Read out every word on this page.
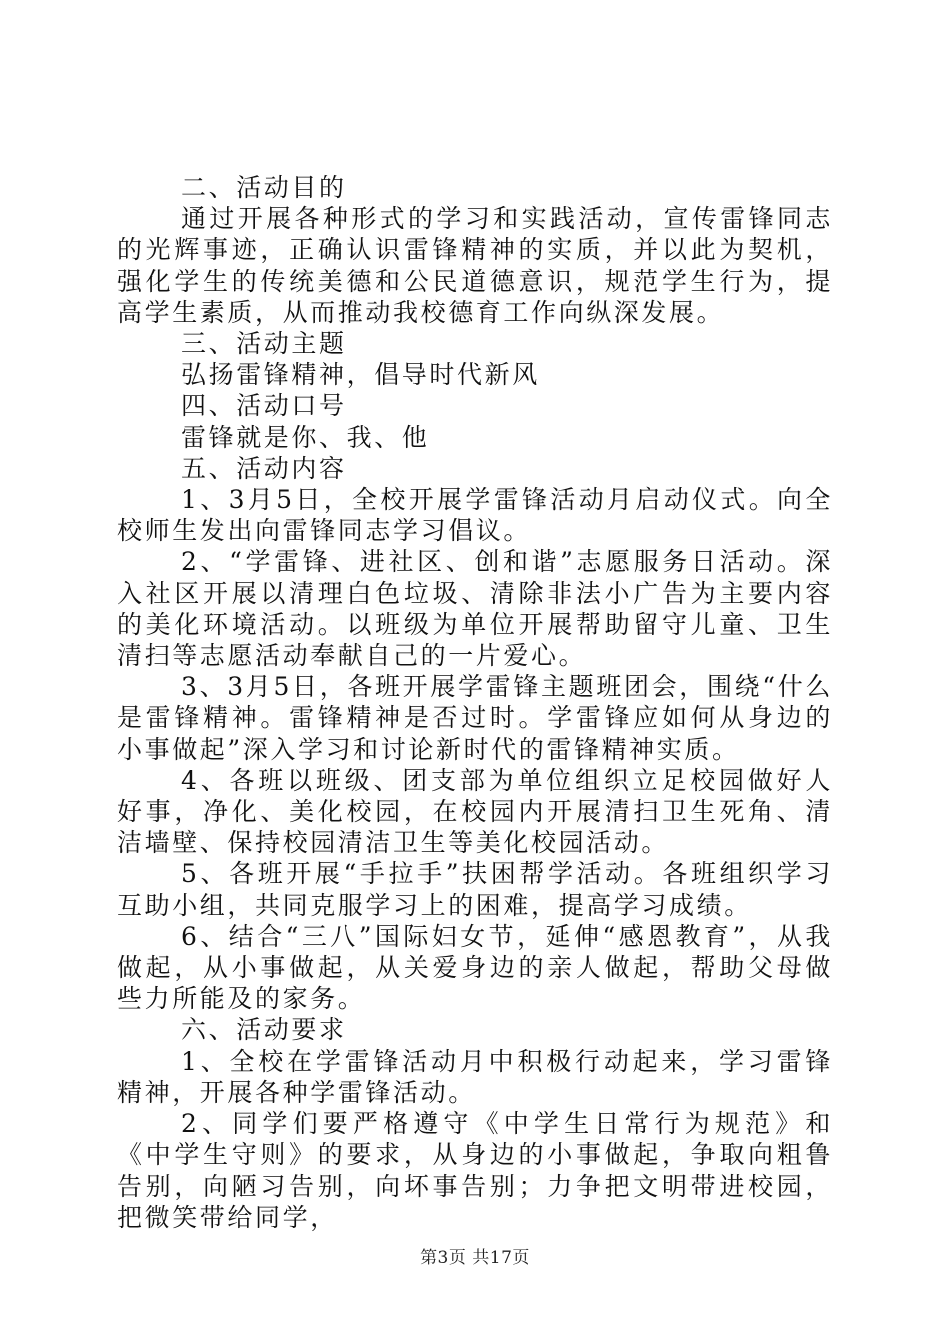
二、活动目的

通过开展各种形式的学习和实践活动，宣传雷锋同志的光辉事迹，正确认识雷锋精神的实质，并以此为契机，强化学生的传统美德和公民道德意识，规范学生行为，提高学生素质，从而推动我校德育工作向纵深发展。

三、活动主题

弘扬雷锋精神，倡导时代新风

四、活动口号

雷锋就是你、我、他

五、活动内容

1、3月5日，全校开展学雷锋活动月启动仪式。向全校师生发出向雷锋同志学习倡议。

2、“学雷锋、进社区、创和谐”志愿服务日活动。深入社区开展以清理白色垃圾、清除非法小广告为主要内容的美化环境活动。以班级为单位开展帮助留守儿童、卫生清扫等志愿活动奉献自己的一片爱心。

3、3月5日，各班开展学雷锋主题班团会，围绕“什么是雷锋精神。雷锋精神是否过时。学雷锋应如何从身边的小事做起”深入学习和讨论新时代的雷锋精神实质。

4、各班以班级、团支部为单位组织立足校园做好人好事，净化、美化校园，在校园内开展清扫卫生死角、清洁墙壁、保持校园清洁卫生等美化校园活动。

5、各班开展“手拉手”扶困帮学活动。各班组织学习互助小组，共同克服学习上的困难，提高学习成绩。

6、结合“三八”国际妇女节，延伸“感恩教育”，从我做起，从小事做起，从关爱身边的亲人做起，帮助父母做些力所能及的家务。

六、活动要求

1、全校在学雷锋活动月中积极行动起来，学习雷锋精神，开展各种学雷锋活动。

2、同学们要严格遵守《中学生日常行为规范》和《中学生守则》的要求，从身边的小事做起，争取向粗鲁告别，向陋习告别，向坏事告别；力争把文明带进校园，把微笑带给同学，

第3页 共17页
